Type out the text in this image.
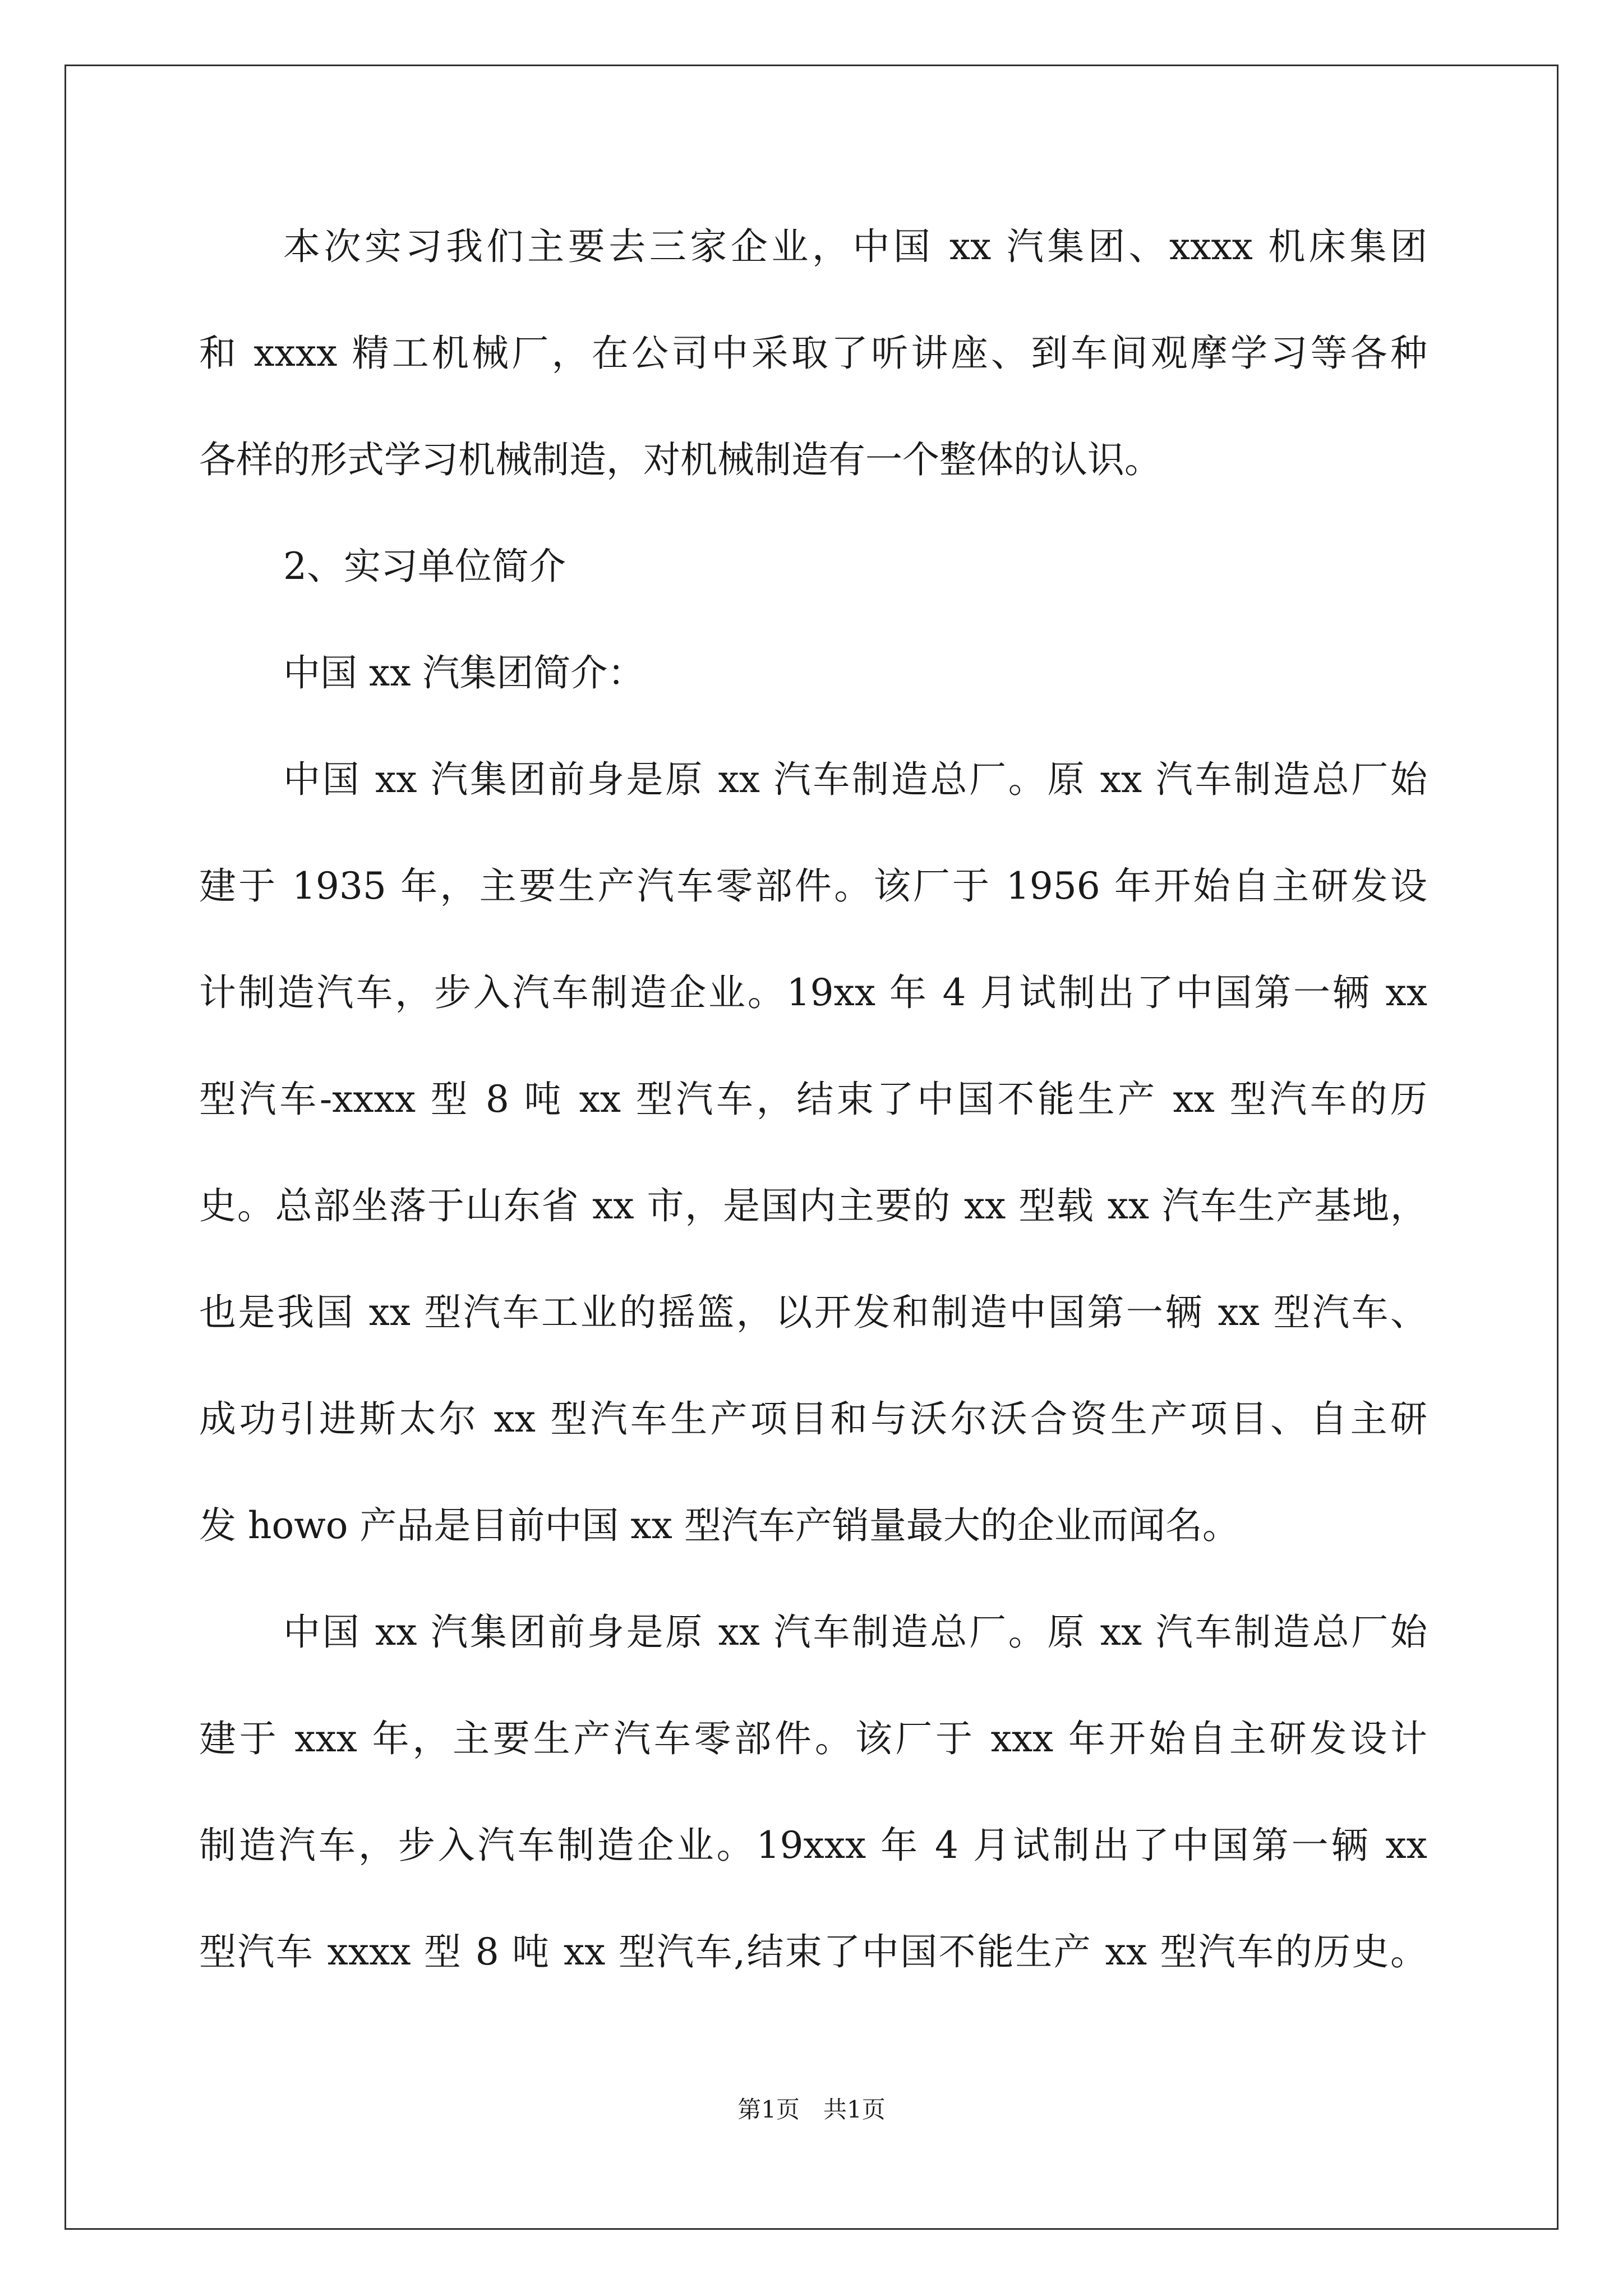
本次实习我们主要去三家企业，中国 xx 汽集团、xxxx 机床集团
和 xxxx 精工机械厂，在公司中采取了听讲座、到车间观摩学习等各种
各样的形式学习机械制造，对机械制造有一个整体的认识。
2、实习单位简介
中国 xx 汽集团简介：
中国 xx 汽集团前身是原 xx 汽车制造总厂。原 xx 汽车制造总厂始
建于 1935 年，主要生产汽车零部件。该厂于 1956 年开始自主研发设
计制造汽车，步入汽车制造企业。19xx 年 4 月试制出了中国第一辆 xx
型汽车-xxxx 型 8 吨 xx 型汽车，结束了中国不能生产 xx 型汽车的历
史。总部坐落于山东省 xx 市，是国内主要的 xx 型载 xx 汽车生产基地，
也是我国 xx 型汽车工业的摇篮，以开发和制造中国第一辆 xx 型汽车、
成功引进斯太尔 xx 型汽车生产项目和与沃尔沃合资生产项目、自主研
发 howo 产品是目前中国 xx 型汽车产销量最大的企业而闻名。
中国 xx 汽集团前身是原 xx 汽车制造总厂。原 xx 汽车制造总厂始
建于 xxx 年，主要生产汽车零部件。该厂于 xxx 年开始自主研发设计
制造汽车，步入汽车制造企业。19xxx 年 4 月试制出了中国第一辆 xx
型汽车 xxxx 型 8 吨 xx 型汽车,结束了中国不能生产 xx 型汽车的历史。
第1页　共1页
